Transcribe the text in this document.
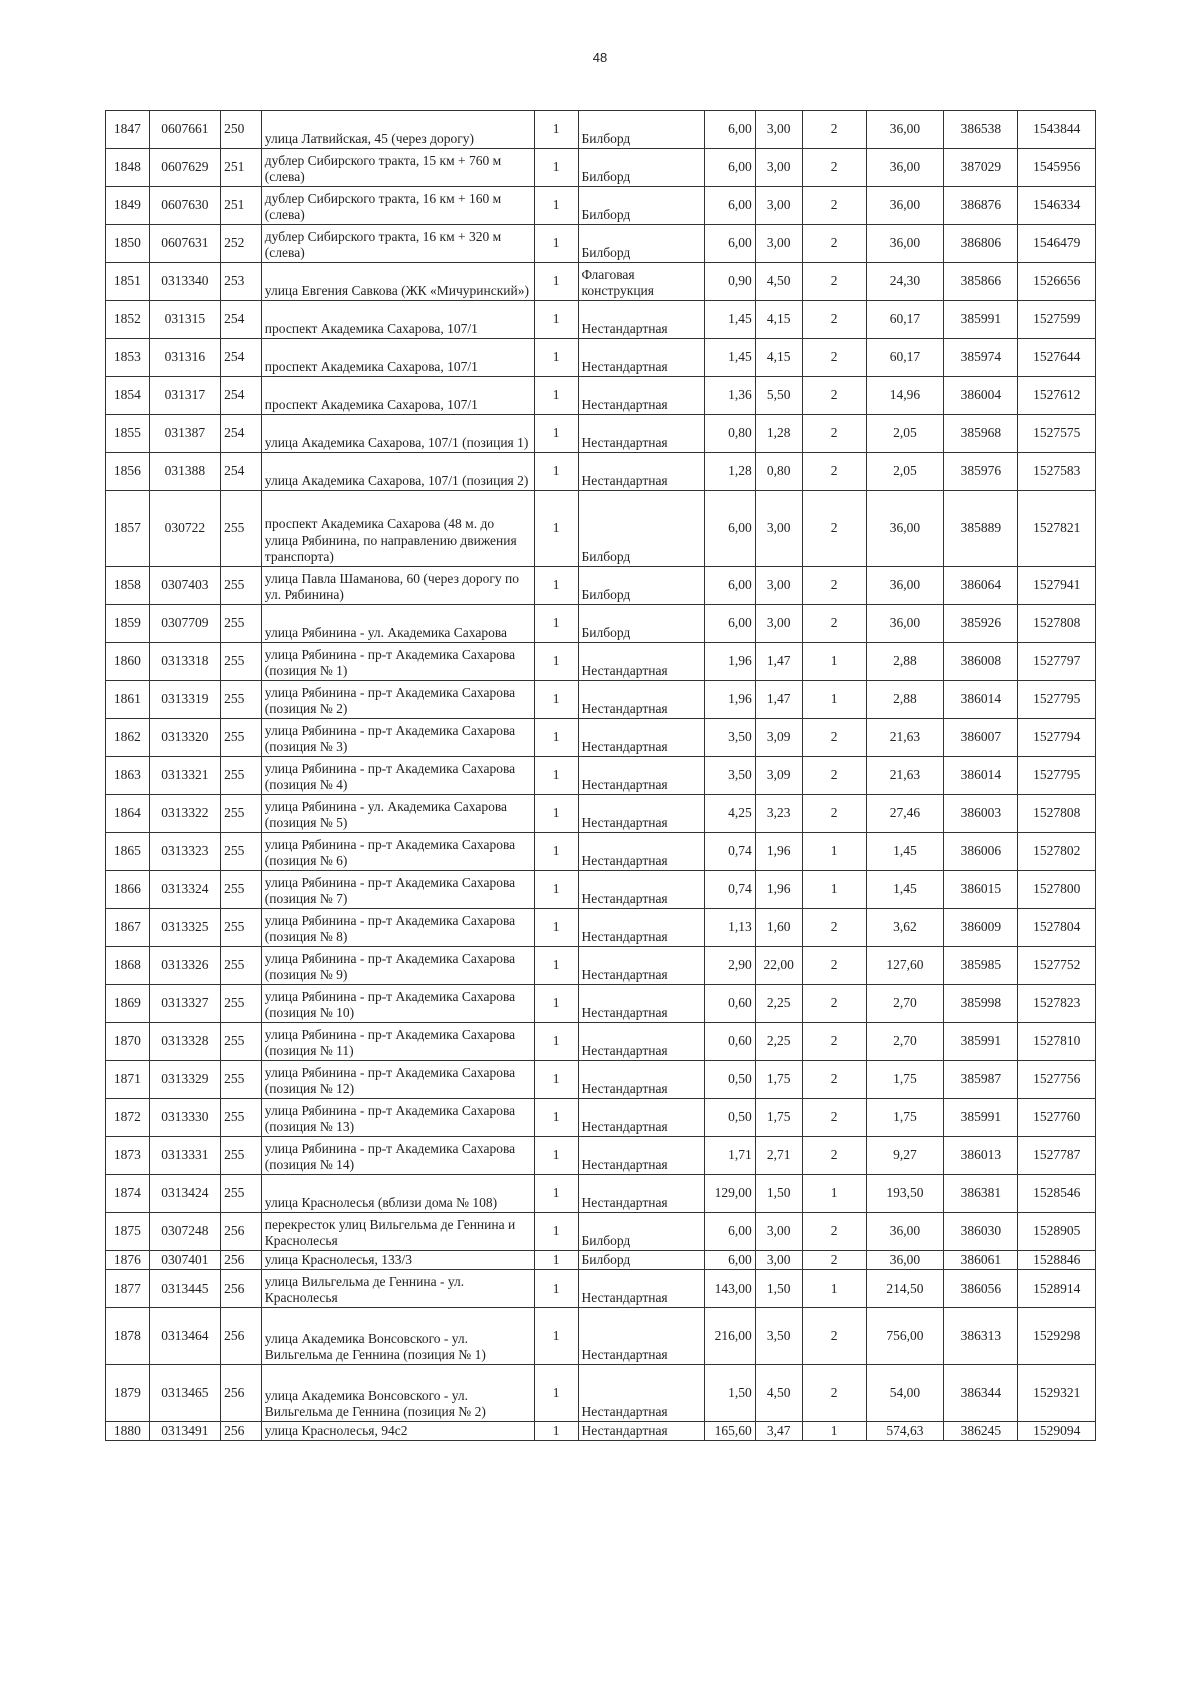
48
1847	0607661	250	улица Латвийская, 45 (через дорогу)	1	Билборд	6,00	3,00	2	36,00	386538	1543844
1848	0607629	251	дублер Сибирского тракта, 15 км + 760 м (слева)	1	Билборд	6,00	3,00	2	36,00	387029	1545956
1849	0607630	251	дублер Сибирского тракта, 16 км + 160 м (слева)	1	Билборд	6,00	3,00	2	36,00	386876	1546334
1850	0607631	252	дублер Сибирского тракта, 16 км + 320 м (слева)	1	Билборд	6,00	3,00	2	36,00	386806	1546479
1851	0313340	253	улица Евгения Савкова (ЖК «Мичуринский»)	1	Флаговая конструкция	0,90	4,50	2	24,30	385866	1526656
1852	031315	254	проспект Академика Сахарова, 107/1	1	Нестандартная	1,45	4,15	2	60,17	385991	1527599
1853	031316	254	проспект Академика Сахарова, 107/1	1	Нестандартная	1,45	4,15	2	60,17	385974	1527644
1854	031317	254	проспект Академика Сахарова, 107/1	1	Нестандартная	1,36	5,50	2	14,96	386004	1527612
1855	031387	254	улица Академика Сахарова, 107/1 (позиция 1)	1	Нестандартная	0,80	1,28	2	2,05	385968	1527575
1856	031388	254	улица Академика Сахарова, 107/1 (позиция 2)	1	Нестандартная	1,28	0,80	2	2,05	385976	1527583
1857	030722	255	проспект Академика Сахарова (48 м. до улица Рябинина, по направлению движения транспорта)	1	Билборд	6,00	3,00	2	36,00	385889	1527821
1858	0307403	255	улица Павла Шаманова, 60 (через дорогу по ул. Рябинина)	1	Билборд	6,00	3,00	2	36,00	386064	1527941
1859	0307709	255	улица Рябинина - ул. Академика Сахарова	1	Билборд	6,00	3,00	2	36,00	385926	1527808
1860	0313318	255	улица Рябинина - пр-т Академика Сахарова (позиция № 1)	1	Нестандартная	1,96	1,47	1	2,88	386008	1527797
1861	0313319	255	улица Рябинина - пр-т Академика Сахарова (позиция № 2)	1	Нестандартная	1,96	1,47	1	2,88	386014	1527795
1862	0313320	255	улица Рябинина - пр-т Академика Сахарова (позиция № 3)	1	Нестандартная	3,50	3,09	2	21,63	386007	1527794
1863	0313321	255	улица Рябинина - пр-т Академика Сахарова (позиция № 4)	1	Нестандартная	3,50	3,09	2	21,63	386014	1527795
1864	0313322	255	улица Рябинина - ул. Академика Сахарова (позиция № 5)	1	Нестандартная	4,25	3,23	2	27,46	386003	1527808
1865	0313323	255	улица Рябинина - пр-т Академика Сахарова (позиция № 6)	1	Нестандартная	0,74	1,96	1	1,45	386006	1527802
1866	0313324	255	улица Рябинина - пр-т Академика Сахарова (позиция № 7)	1	Нестандартная	0,74	1,96	1	1,45	386015	1527800
1867	0313325	255	улица Рябинина - пр-т Академика Сахарова (позиция № 8)	1	Нестандартная	1,13	1,60	2	3,62	386009	1527804
1868	0313326	255	улица Рябинина - пр-т Академика Сахарова (позиция № 9)	1	Нестандартная	2,90	22,00	2	127,60	385985	1527752
1869	0313327	255	улица Рябинина - пр-т Академика Сахарова (позиция № 10)	1	Нестандартная	0,60	2,25	2	2,70	385998	1527823
1870	0313328	255	улица Рябинина - пр-т Академика Сахарова (позиция № 11)	1	Нестандартная	0,60	2,25	2	2,70	385991	1527810
1871	0313329	255	улица Рябинина - пр-т Академика Сахарова (позиция № 12)	1	Нестандартная	0,50	1,75	2	1,75	385987	1527756
1872	0313330	255	улица Рябинина - пр-т Академика Сахарова (позиция № 13)	1	Нестандартная	0,50	1,75	2	1,75	385991	1527760
1873	0313331	255	улица Рябинина - пр-т Академика Сахарова (позиция № 14)	1	Нестандартная	1,71	2,71	2	9,27	386013	1527787
1874	0313424	255	улица Краснолесья (вблизи дома № 108)	1	Нестандартная	129,00	1,50	1	193,50	386381	1528546
1875	0307248	256	перекресток улиц Вильгельма де Геннина и Краснолесья	1	Билборд	6,00	3,00	2	36,00	386030	1528905
1876	0307401	256	улица Краснолесья, 133/3	1	Билборд	6,00	3,00	2	36,00	386061	1528846
1877	0313445	256	улица Вильгельма де Геннина - ул. Краснолесья	1	Нестандартная	143,00	1,50	1	214,50	386056	1528914
1878	0313464	256	улица Академика Вонсовского - ул. Вильгельма де Геннина (позиция № 1)	1	Нестандартная	216,00	3,50	2	756,00	386313	1529298
1879	0313465	256	улица Академика Вонсовского - ул. Вильгельма де Геннина (позиция № 2)	1	Нестандартная	1,50	4,50	2	54,00	386344	1529321
1880	0313491	256	улица Краснолесья, 94с2	1	Нестандартная	165,60	3,47	1	574,63	386245	1529094
